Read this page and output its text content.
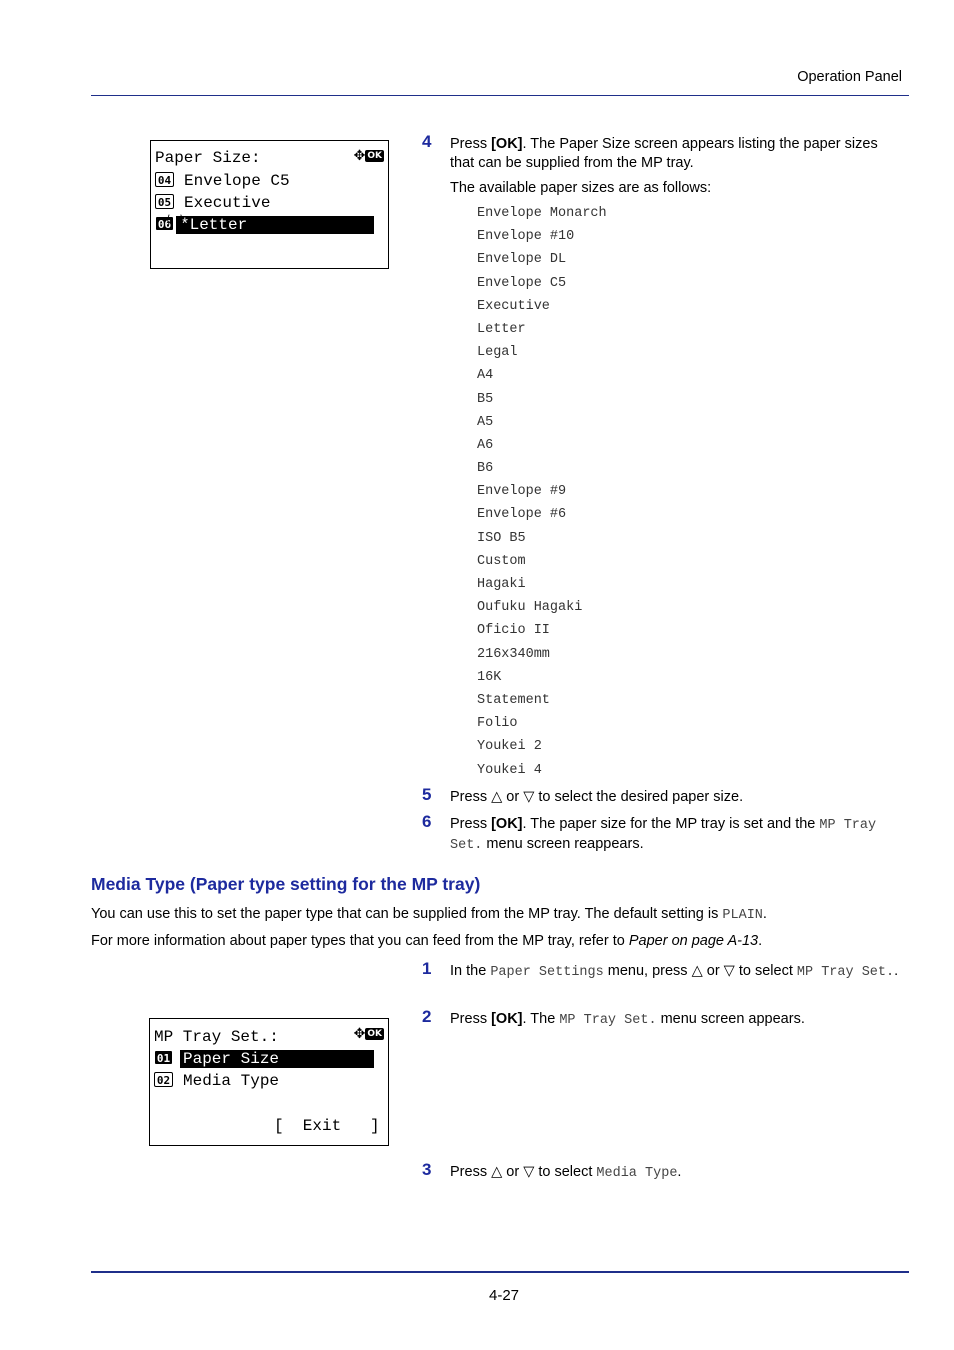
Operation Panel
Paper Size:	✥ OK
04 Envelope C5
05 Executive
06 *Letter
⟨ ⟩
4 Press [OK]. The Paper Size screen appears listing the paper sizes that can be supplied from the MP tray.
The available paper sizes are as follows:
Envelope Monarch
Envelope #10
Envelope DL
Envelope C5
Executive
Letter
Legal
A4
B5
A5
A6
B6
Envelope #9
Envelope #6
ISO B5
Custom
Hagaki
Oufuku Hagaki
Oficio II
216x340mm
16K
Statement
Folio
Youkei 2
Youkei 4
5 Press △ or ▽ to select the desired paper size.
6 Press [OK]. The paper size for the MP tray is set and the MP Tray Set. menu screen reappears.
Media Type (Paper type setting for the MP tray)
You can use this to set the paper type that can be supplied from the MP tray. The default setting is PLAIN.
For more information about paper types that you can feed from the MP tray, refer to Paper on page A-13.
1 In the Paper Settings menu, press △ or ▽ to select MP Tray Set..
2 Press [OK]. The MP Tray Set. menu screen appears.
MP Tray Set.:	✥ OK
01 Paper Size
02 Media Type
[  Exit   ]
3 Press △ or ▽ to select Media Type.
4-27
